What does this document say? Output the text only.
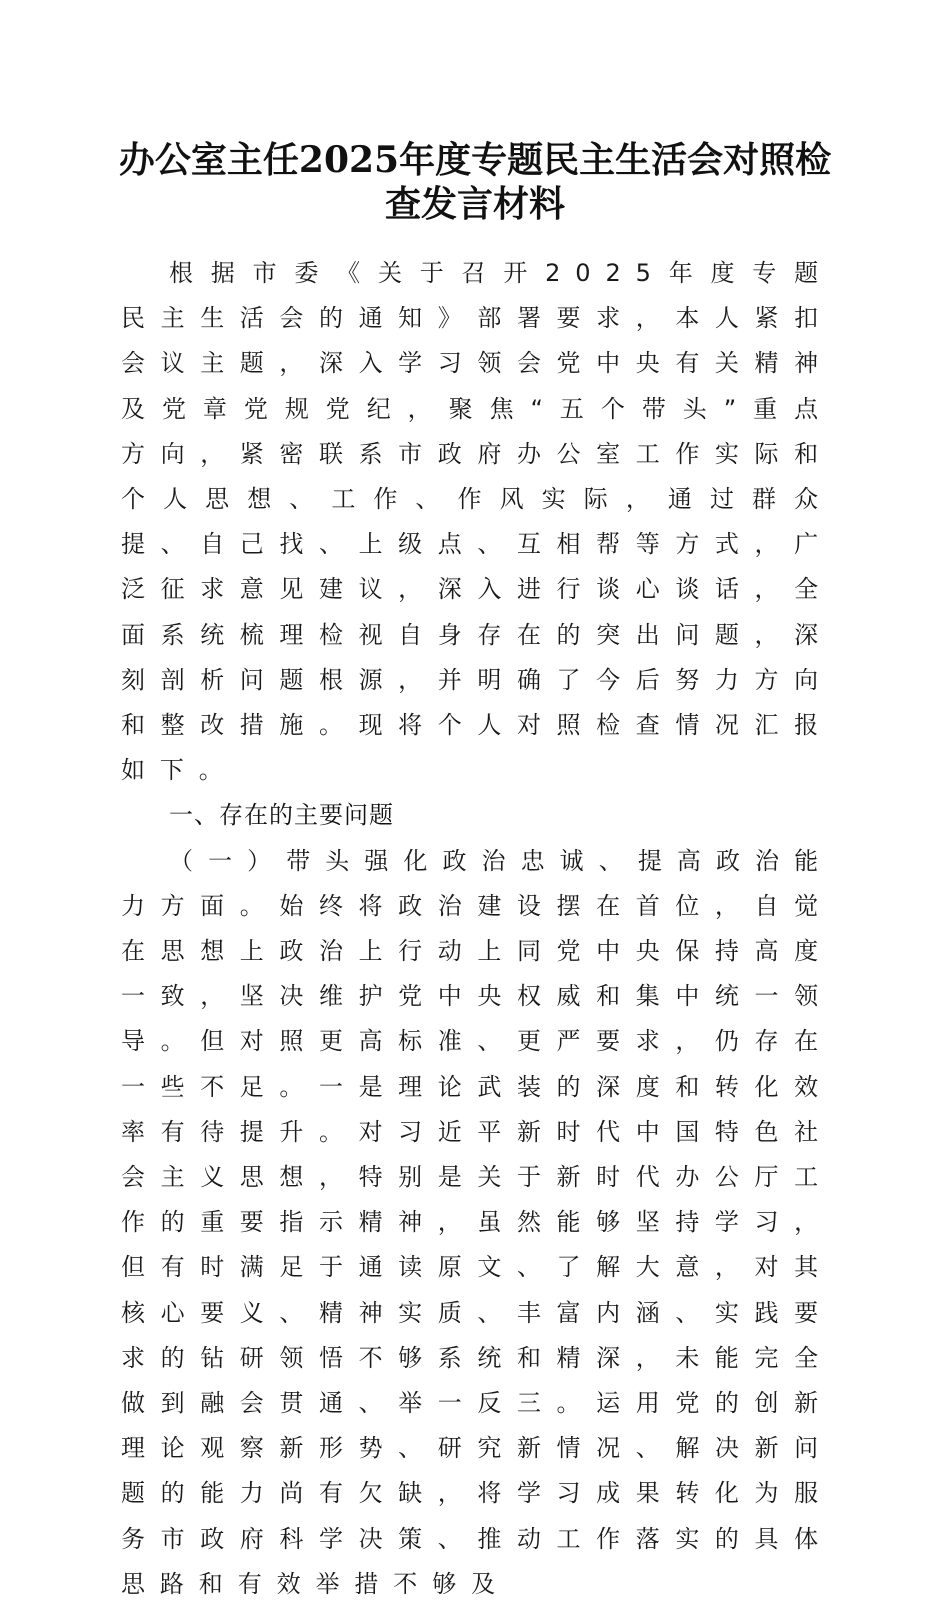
办公室主任2025年度专题民主生活会对照检
查发言材料

根据市委《关于召开2025年度专题民主生活会的通知》部署要求，本人紧扣会议主题，深入学习领会党中央有关精神及党章党规党纪，聚焦“五个带头”重点方向，紧密联系市政府办公室工作实际和个人思想、工作、作风实际，通过群众提、自己找、上级点、互相帮等方式，广泛征求意见建议，深入进行谈心谈话，全面系统梳理检视自身存在的突出问题，深刻剖析问题根源，并明确了今后努力方向和整改措施。现将个人对照检查情况汇报如下。

一、存在的主要问题

（一）带头强化政治忠诚、提高政治能力方面。始终将政治建设摆在首位，自觉在思想上政治上行动上同党中央保持高度一致，坚决维护党中央权威和集中统一领导。但对照更高标准、更严要求，仍存在一些不足。一是理论武装的深度和转化效率有待提升。对习近平新时代中国特色社会主义思想，特别是关于新时代办公厅工作的重要指示精神，虽然能够坚持学习，但有时满足于通读原文、了解大意，对其核心要义、精神实质、丰富内涵、实践要求的钻研领悟不够系统和精深，未能完全做到融会贯通、举一反三。运用党的创新理论观察新形势、研究新情况、解决新问题的能力尚有欠缺，将学习成果转化为服务市政府科学决策、推动工作落实的具体思路和有效举措不够及
